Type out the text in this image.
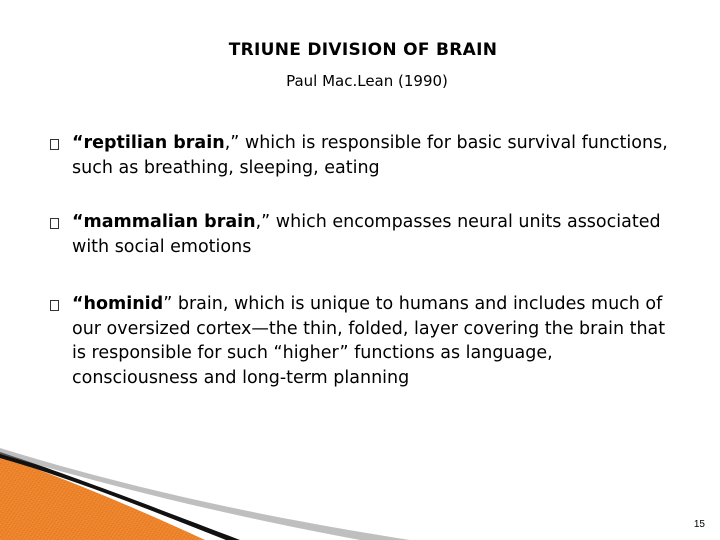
TRIUNE DIVISION OF BRAIN
Paul Mac.Lean (1990)
“reptilian brain,” which is responsible for basic survival functions, such as breathing, sleeping, eating
“mammalian brain,” which encompasses neural units associated with social emotions
“hominid” brain, which is unique to humans and includes much of our oversized cortex—the thin, folded, layer covering the brain that is responsible for such “higher” functions as language, consciousness and long-term planning
15
